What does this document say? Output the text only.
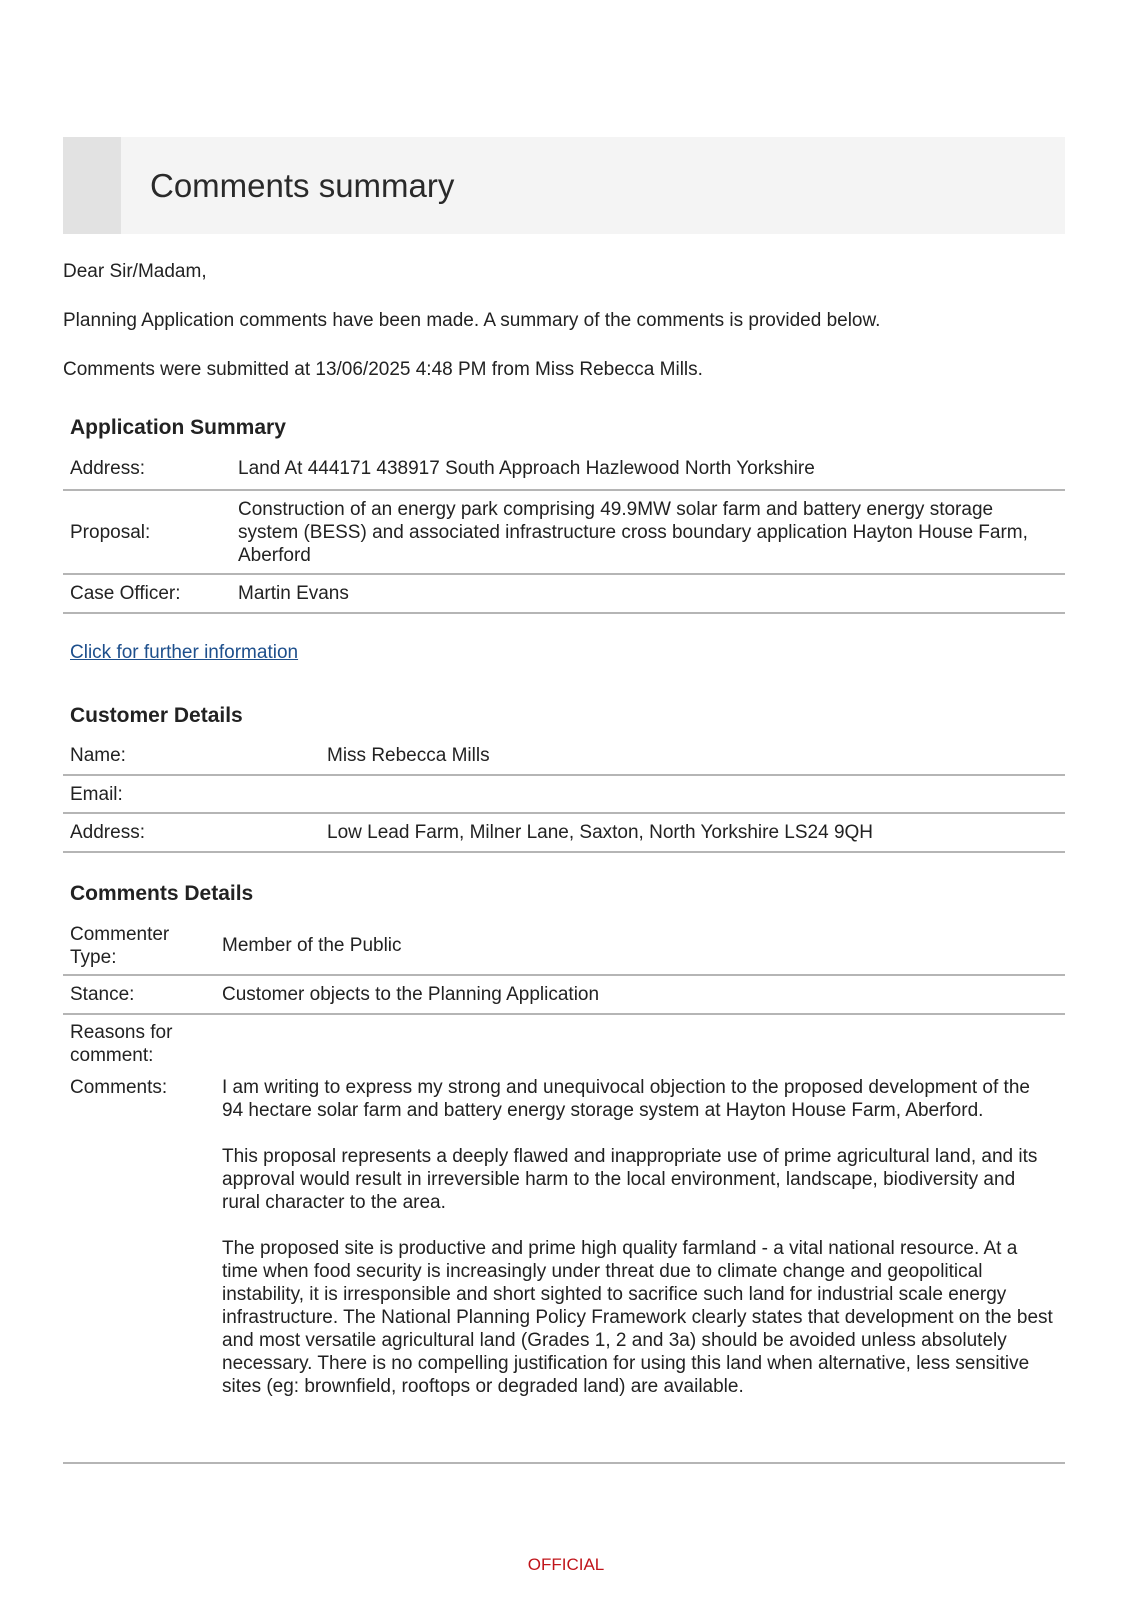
Comments summary

Dear Sir/Madam,

Planning Application comments have been made. A summary of the comments is provided below.

Comments were submitted at 13/06/2025 4:48 PM from Miss Rebecca Mills.

Application Summary
Address:	Land At 444171 438917 South Approach Hazlewood North Yorkshire
Proposal:	Construction of an energy park comprising 49.9MW solar farm and battery energy storage system (BESS) and associated infrastructure cross boundary application Hayton House Farm, Aberford
Case Officer:	Martin Evans
Click for further information
Customer Details
Name:	Miss Rebecca Mills
Email:	
Address:	Low Lead Farm, Milner Lane, Saxton, North Yorkshire LS24 9QH
Comments Details
Commenter Type:	Member of the Public
Stance:	Customer objects to the Planning Application
Reasons for comment:	
Comments:	I am writing to express my strong and unequivocal objection to the proposed development of the 94 hectare solar farm and battery energy storage system at Hayton House Farm, Aberford.

This proposal represents a deeply flawed and inappropriate use of prime agricultural land, and its approval would result in irreversible harm to the local environment, landscape, biodiversity and rural character to the area.

The proposed site is productive and prime high quality farmland - a vital national resource. At a time when food security is increasingly under threat due to climate change and geopolitical instability, it is irresponsible and short sighted to sacrifice such land for industrial scale energy infrastructure. The National Planning Policy Framework clearly states that development on the best and most versatile agricultural land (Grades 1, 2 and 3a) should be avoided unless absolutely necessary. There is no compelling justification for using this land when alternative, less sensitive sites (eg: brownfield, rooftops or degraded land) are available.

OFFICIAL
